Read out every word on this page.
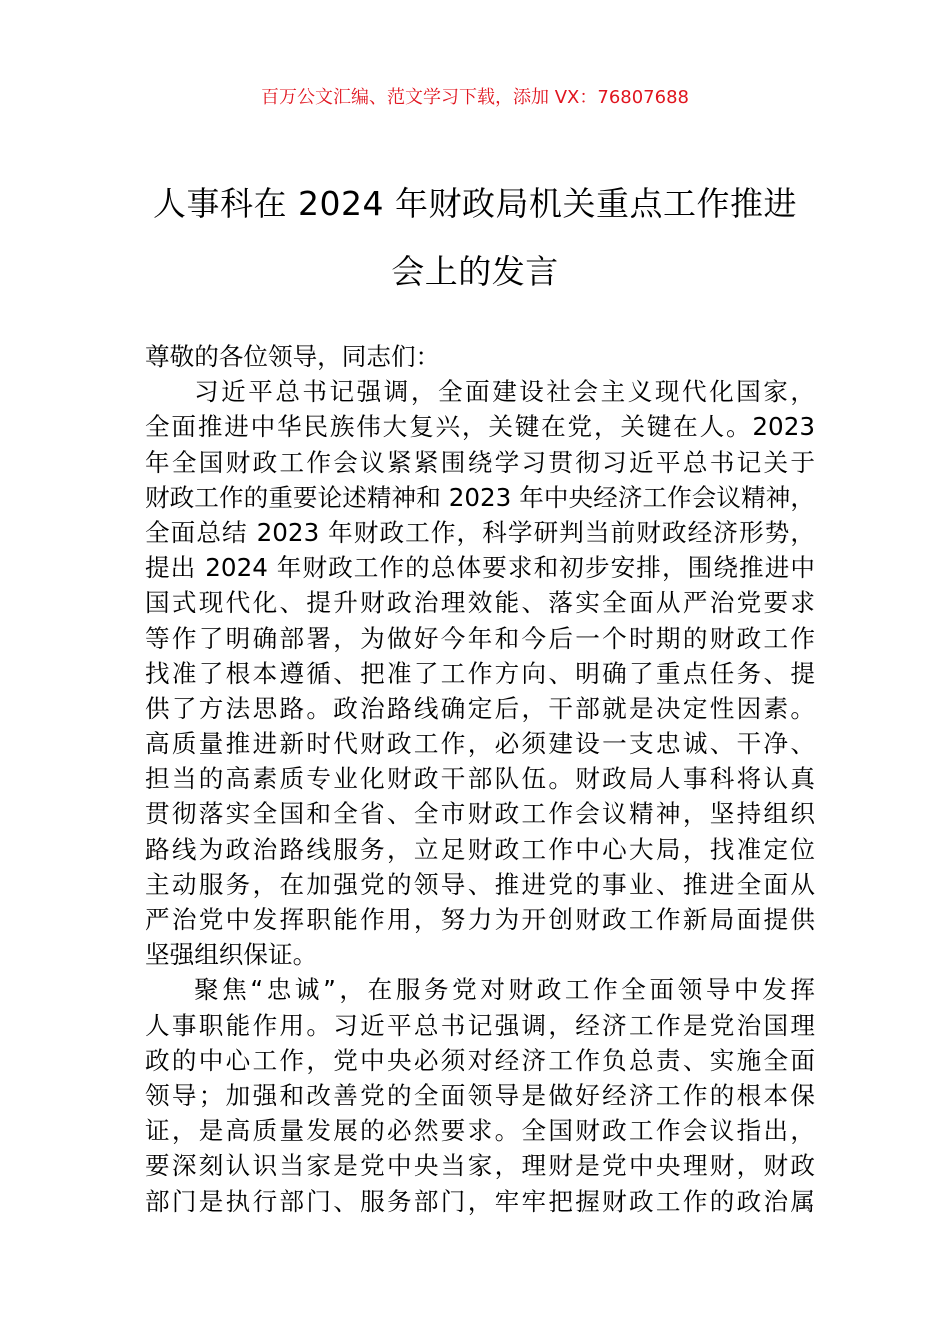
百万公文汇编、范文学习下载，添加 VX：76807688
人事科在 2024 年财政局机关重点工作推进
会上的发言
尊敬的各位领导，同志们：
习近平总书记强调，全面建设社会主义现代化国家，
全面推进中华民族伟大复兴，关键在党，关键在人。2023
年全国财政工作会议紧紧围绕学习贯彻习近平总书记关于
财政工作的重要论述精神和 2023 年中央经济工作会议精神，
全面总结 2023 年财政工作，科学研判当前财政经济形势，
提出 2024 年财政工作的总体要求和初步安排，围绕推进中
国式现代化、提升财政治理效能、落实全面从严治党要求
等作了明确部署，为做好今年和今后一个时期的财政工作
找准了根本遵循、把准了工作方向、明确了重点任务、提
供了方法思路。政治路线确定后，干部就是决定性因素。
高质量推进新时代财政工作，必须建设一支忠诚、干净、
担当的高素质专业化财政干部队伍。财政局人事科将认真
贯彻落实全国和全省、全市财政工作会议精神，坚持组织
路线为政治路线服务，立足财政工作中心大局，找准定位
主动服务，在加强党的领导、推进党的事业、推进全面从
严治党中发挥职能作用，努力为开创财政工作新局面提供
坚强组织保证。
聚焦“忠诚”，在服务党对财政工作全面领导中发挥
人事职能作用。习近平总书记强调，经济工作是党治国理
政的中心工作，党中央必须对经济工作负总责、实施全面
领导；加强和改善党的全面领导是做好经济工作的根本保
证，是高质量发展的必然要求。全国财政工作会议指出，
要深刻认识当家是党中央当家，理财是党中央理财，财政
部门是执行部门、服务部门，牢牢把握财政工作的政治属
